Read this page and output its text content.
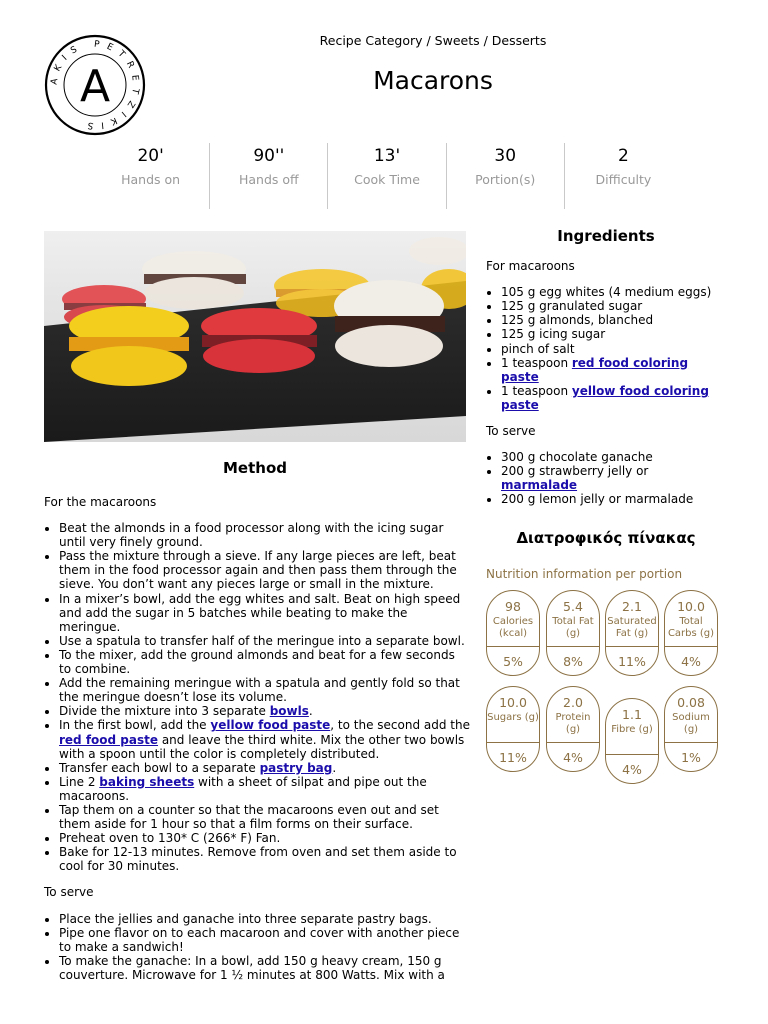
AKIS PETRETZIKIS
A
Recipe Category / Sweets / Desserts
Macarons
20'
Hands on
90''
Hands off
13'
Cook Time
30
Portion(s)
2
Difficulty
Method

For the macaroons

• Beat the almonds in a food processor along with the icing sugar until very finely ground.
• Pass the mixture through a sieve. If any large pieces are left, beat them in the food processor again and then pass them through the sieve. You don’t want any pieces large or small in the mixture.
• In a mixer’s bowl, add the egg whites and salt. Beat on high speed and add the sugar in 5 batches while beating to make the meringue.
• Use a spatula to transfer half of the meringue into a separate bowl.
• To the mixer, add the ground almonds and beat for a few seconds to combine.
• Add the remaining meringue with a spatula and gently fold so that the meringue doesn’t lose its volume.
• Divide the mixture into 3 separate bowls.
• In the first bowl, add the yellow food paste, to the second add the red food paste and leave the third white. Mix the other two bowls with a spoon until the color is completely distributed.
• Transfer each bowl to a separate pastry bag.
• Line 2 baking sheets with a sheet of silpat and pipe out the macaroons.
• Tap them on a counter so that the macaroons even out and set them aside for 1 hour so that a film forms on their surface.
• Preheat oven to 130* C (266* F) Fan.
• Bake for 12-13 minutes. Remove from oven and set them aside to cool for 30 minutes.

To serve

• Place the jellies and ganache into three separate pastry bags.
• Pipe one flavor on to each macaroon and cover with another piece to make a sandwich!
• To make the ganache: In a bowl, add 150 g heavy cream, 150 g couverture. Microwave for 1 ½ minutes at 800 Watts. Mix with a
Ingredients

For macaroons

• 105 g egg whites (4 medium eggs)
• 125 g granulated sugar
• 125 g almonds, blanched
• 125 g icing sugar
• pinch of salt
• 1 teaspoon red food coloring paste
• 1 teaspoon yellow food coloring paste

To serve

• 300 g chocolate ganache
• 200 g strawberry jelly or marmalade
• 200 g lemon jelly or marmalade
Διατροφικός πίνακας
Nutrition information per portion
98
Calories (kcal)
5%
5.4
Total Fat (g)
8%
2.1
Saturated Fat (g)
11%
10.0
Total Carbs (g)
4%
10.0
Sugars (g)
11%
2.0
Protein (g)
4%
1.1
Fibre (g)
4%
0.08
Sodium (g)
1%
